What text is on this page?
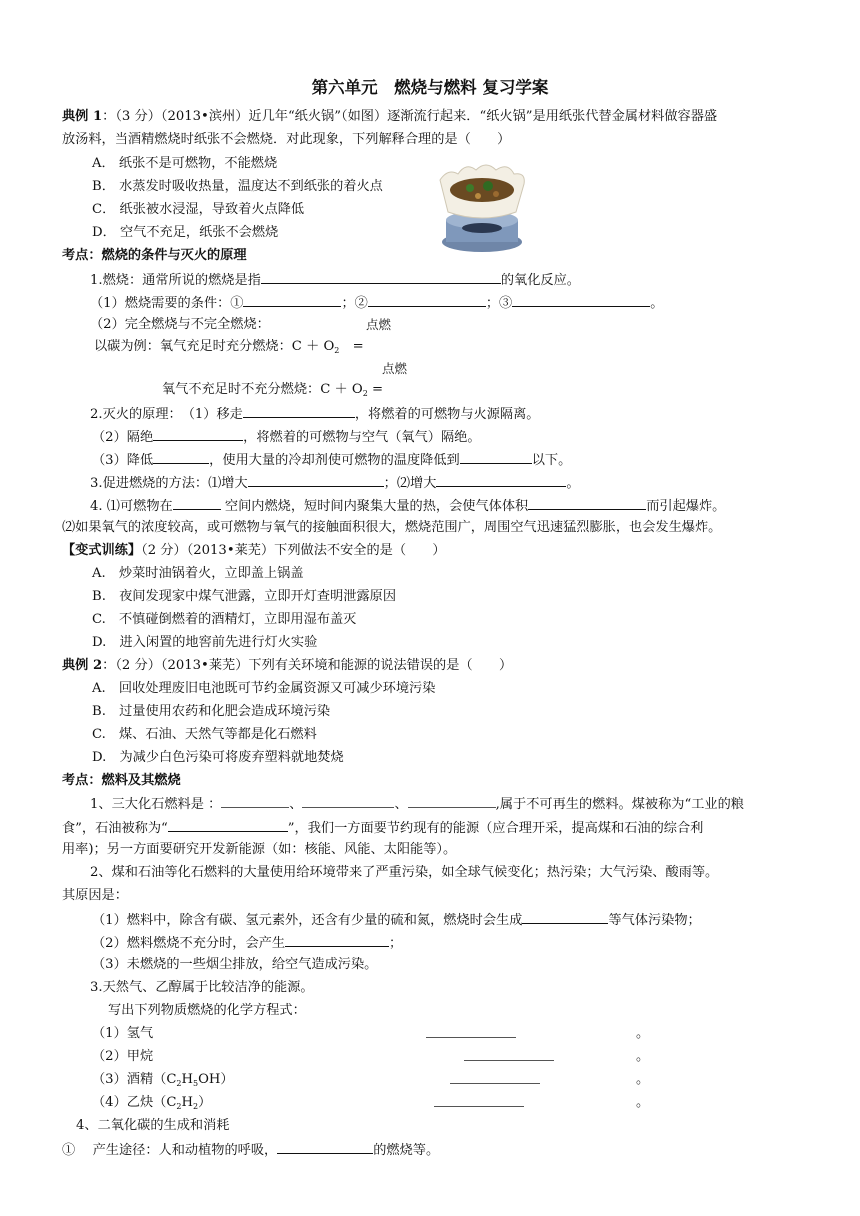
第六单元　燃烧与燃料 复习学案
典例 1：（3 分）（2013•滨州）近几年“纸火锅”（如图）逐渐流行起来．“纸火锅”是用纸张代替金属材料做容器盛
放汤料，当酒精燃烧时纸张不会燃烧．对此现象，下列解释合理的是（　　）
A． 纸张不是可燃物，不能燃烧
B． 水蒸发时吸收热量，温度达不到纸张的着火点
C． 纸张被水浸湿，导致着火点降低
D． 空气不充足，纸张不会燃烧
考点：燃烧的条件与灭火的原理
1.燃烧：通常所说的燃烧是指	的氧化反应。
（1）燃烧需要的条件：①	；②	；③	。
（2）完全燃烧与不完全燃烧：	点燃
以碳为例：氧气充足时充分燃烧：$C + O_2$　=
点燃
氧气不充足时不充分燃烧：$C + O_2$ =
2.灭火的原理：　（1）移走	，将燃着的可燃物与火源隔离。
（2）隔绝	，将燃着的可燃物与空气（氧气）隔绝。
（3）降低	，使用大量的冷却剂使可燃物的温度降低到	以下。
3.促进燃烧的方法：⑴增大	；⑵增大	。
4. ⑴可燃物在	空间内燃烧，短时间内聚集大量的热，会使气体体积	而引起爆炸。
⑵如果氧气的浓度较高，或可燃物与氧气的接触面积很大，燃烧范围广，周围空气迅速猛烈膨胀，也会发生爆炸。
【变式训练】（2 分）（2013•莱芜）下列做法不安全的是（　　）
A.　炒菜时油锅着火，立即盖上锅盖
B.　夜间发现家中煤气泄露，立即开灯查明泄露原因
C.　不慎碰倒燃着的酒精灯，立即用湿布盖灭
D.　进入闲置的地窖前先进行灯火实验
典例 2：（2 分）（2013•莱芜）下列有关环境和能源的说法错误的是（　　）
A.　回收处理废旧电池既可节约金属资源又可减少环境污染
B.　过量使用农药和化肥会造成环境污染
C.　煤、石油、天然气等都是化石燃料
D.　为减少白色污染可将废弃塑料就地焚烧
考点：燃料及其燃烧
1、三大化石燃料是 ：	、	、	,属于不可再生的燃料。煤被称为“工业的粮
食”，石油被称为“	”，我们一方面要节约现有的能源（应合理开采，提高煤和石油的综合利
用率)；另一方面要研究开发新能源（如：核能、风能、太阳能等）。
2、煤和石油等化石燃料的大量使用给环境带来了严重污染，如全球气候变化；热污染；大气污染、酸雨等。
其原因是：
（1）燃料中，除含有碳、氢元素外，还含有少量的硫和氮，燃烧时会生成	等气体污染物；
（2）燃料燃烧不充分时，会产生	；
（3）未燃烧的一些烟尘排放，给空气造成污染。
3.天然气、乙醇属于比较洁净的能源。
写出下列物质燃烧的化学方程式：
（1）氢气	。
（2）甲烷	。
（3）酒精$(C_2H_5OH)$	。
（4）乙炔$(C_2H_2)$	。
4、二氧化碳的生成和消耗
①　 产生途径：人和动植物的呼吸，	的燃烧等。
